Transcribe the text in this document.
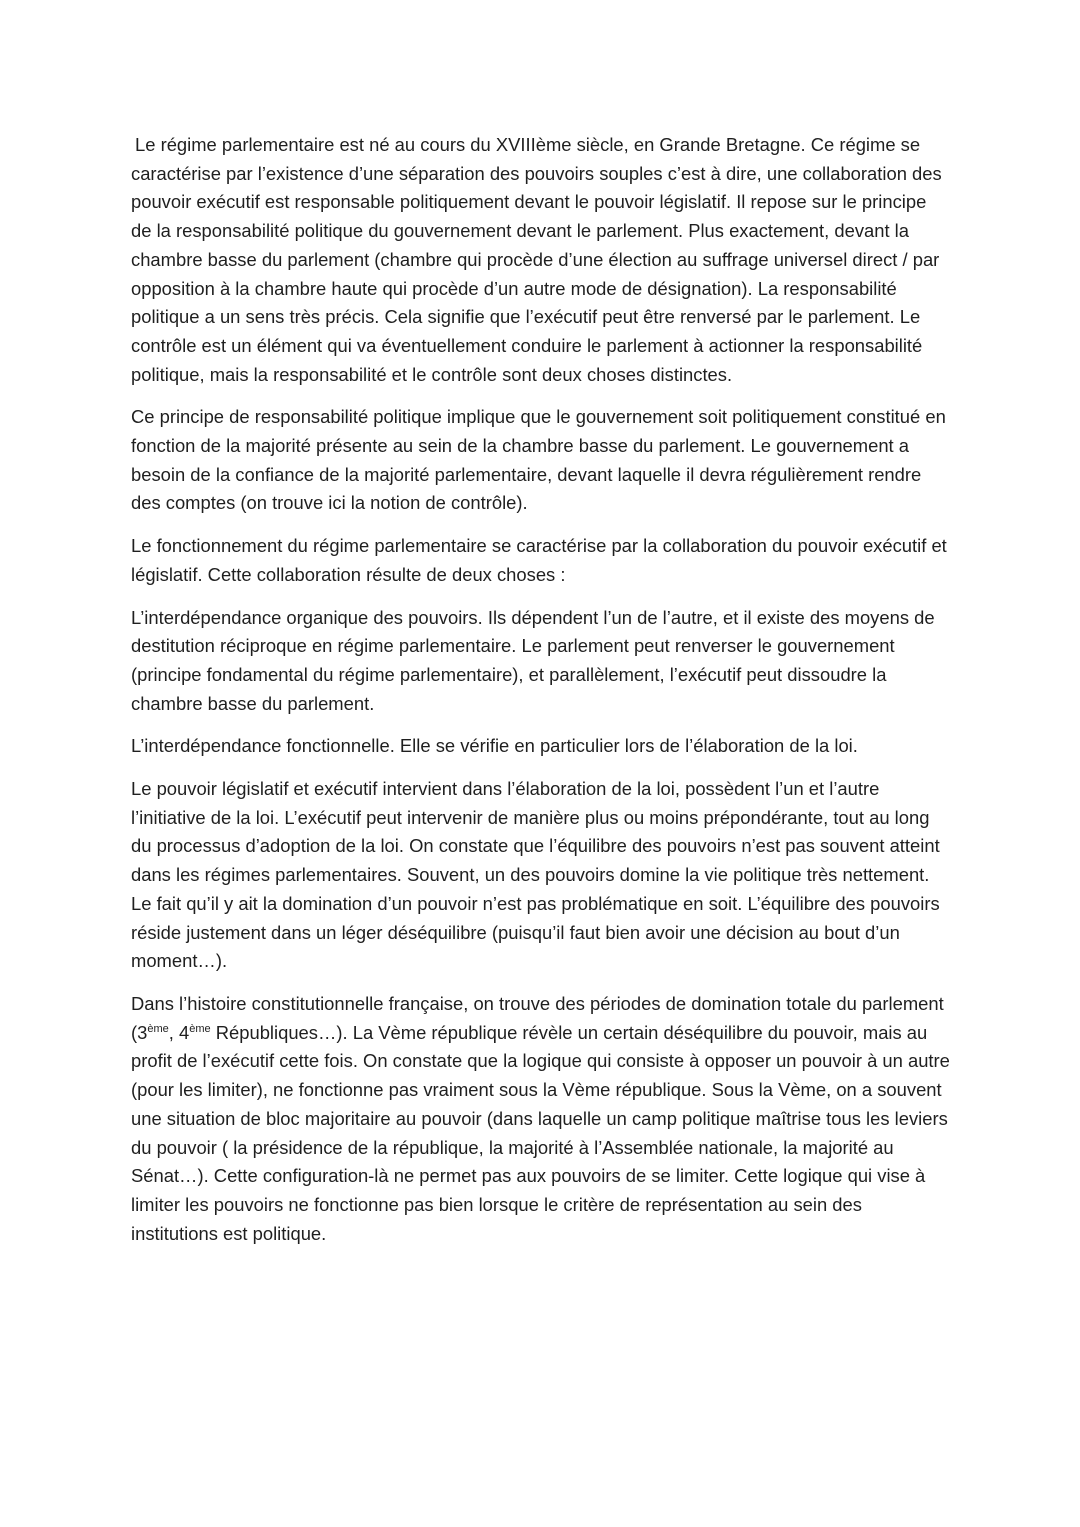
Le régime parlementaire est né au cours du XVIIIème siècle, en Grande Bretagne. Ce régime se caractérise par l’existence d’une séparation des pouvoirs souples c’est à dire, une collaboration des pouvoir exécutif est responsable politiquement devant le pouvoir législatif. Il repose sur le principe de la responsabilité politique du gouvernement devant le parlement. Plus exactement, devant la chambre basse du parlement (chambre qui procède d’une élection au suffrage universel direct / par opposition à la chambre haute qui procède d’un autre mode de désignation). La responsabilité politique a un sens très précis. Cela signifie que l’exécutif peut être renversé par le parlement. Le contrôle est un élément qui va éventuellement conduire le parlement à actionner la responsabilité politique, mais la responsabilité et le contrôle sont deux choses distinctes.

Ce principe de responsabilité politique implique que le gouvernement soit politiquement constitué en fonction de la majorité présente au sein de la chambre basse du parlement. Le gouvernement a besoin de la confiance de la majorité parlementaire, devant laquelle il devra régulièrement rendre des comptes (on trouve ici la notion de contrôle).

Le fonctionnement du régime parlementaire se caractérise par la collaboration du pouvoir exécutif et législatif. Cette collaboration résulte de deux choses :

L’interdépendance organique des pouvoirs. Ils dépendent l’un de l’autre, et il existe des moyens de destitution réciproque en régime parlementaire. Le parlement peut renverser le gouvernement (principe fondamental du régime parlementaire), et parallèlement, l’exécutif peut dissoudre la chambre basse du parlement.

L’interdépendance fonctionnelle. Elle se vérifie en particulier lors de l’élaboration de la loi.

Le pouvoir législatif et exécutif intervient dans l’élaboration de la loi, possèdent l’un et l’autre l’initiative de la loi. L’exécutif peut intervenir de manière plus ou moins prépondérante, tout au long du processus d’adoption de la loi. On constate que l’équilibre des pouvoirs n’est pas souvent atteint dans les régimes parlementaires. Souvent, un des pouvoirs domine la vie politique très nettement. Le fait qu’il y ait la domination d’un pouvoir n’est pas problématique en soit. L’équilibre des pouvoirs réside justement dans un léger déséquilibre (puisqu’il faut bien avoir une décision au bout d’un moment…).

Dans l’histoire constitutionnelle française, on trouve des périodes de domination totale du parlement (3ème, 4ème Républiques…). La Vème république révèle un certain déséquilibre du pouvoir, mais au profit de l’exécutif cette fois. On constate que la logique qui consiste à opposer un pouvoir à un autre (pour les limiter), ne fonctionne pas vraiment sous la Vème république. Sous la Vème, on a souvent une situation de bloc majoritaire au pouvoir (dans laquelle un camp politique maîtrise tous les leviers du pouvoir ( la présidence de la république, la majorité à l’Assemblée nationale, la majorité au Sénat…). Cette configuration-là ne permet pas aux pouvoirs de se limiter. Cette logique qui vise à limiter les pouvoirs ne fonctionne pas bien lorsque le critère de représentation au sein des institutions est politique.
